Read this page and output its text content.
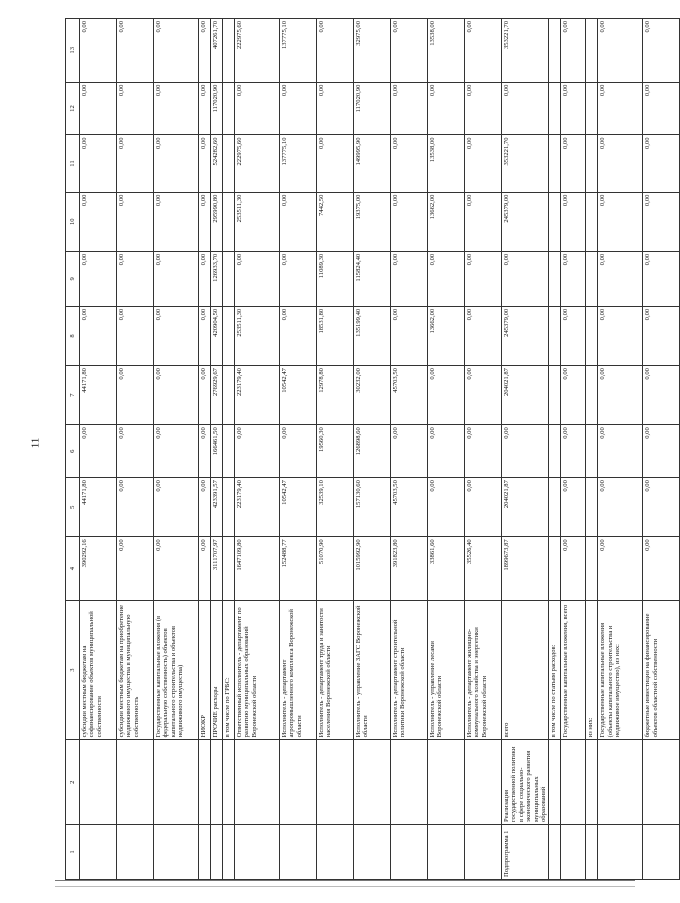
11
1	2	3	4	5	6	7	8	9	10	11	12	13
		субсидии местным бюджетам на софинансирование объектов муниципальной собственности	390292,16	44171,80	0,00	44171,80	0,00	0,00	0,00	0,00	0,00	0,00
		субсидии местным бюджетам на приобретение недвижимого имущества в муниципальную собственность	0,00	0,00	0,00	0,00	0,00	0,00	0,00	0,00	0,00	0,00
		Государственные капитальные вложения (в федеральную собственность) объектов капитального строительства и объектов недвижимого имущества)	0,00	0,00	0,00	0,00	0,00	0,00	0,00	0,00	0,00	0,00
		НИОКР	0,00	0,00	0,00	0,00	0,00	0,00	0,00	0,00	0,00	0,00
		ПРОЧИЕ расходы	3111707,97	423391,57	166461,50	276929,67	420904,50	126933,70	295990,80	524282,60	117020,90	407261,70
		в том числе по ГРБС:										
		Ответственный исполнитель - департамент по развитию муниципальных образований Воронежской области	1647109,80	223179,40	0,00	223179,40	253511,30	0,00	253511,30	222975,60	0,00	222975,60
		Исполнитель - департамент агропромышленного комплекса Воронежской области	152488,77	10542,47	0,00	10542,47	0,00	0,00	0,00	137775,10	0,00	137775,10
		Исполнитель - департамент труда и занятости населения Воронежской области	51070,90	32539,10	19560,30	12978,80	18531,80	11089,30	7442,50	0,00	0,00	0,00
		Исполнитель - управление ЗАГС Воронежской области	1015992,90	157130,60	126898,60	30232,00	135199,40	115824,40	19375,00	149995,90	117020,90	32975,00
		Исполнитель - департамент строительной политики Воронежской области	391823,80	45703,50	0,00	45703,50	0,00	0,00	0,00	0,00	0,00	0,00
		Исполнитель - управление лесами Воронежской области	33861,60	0,00	0,00	0,00	13662,00	0,00	13662,00	13538,00	0,00	13538,00
		Исполнитель - департамент жилищно-коммунального хозяйства и энергетики Воронежской области	35526,40	0,00	0,00	0,00	0,00	0,00	0,00	0,00	0,00	0,00
Подпрограмма 1	Реализация государственной политики в сфере социально-экономического развития муниципальных образований	всего	1899673,87	204021,87	0,00	204021,87	245379,00	0,00	245379,00	353221,70	0,00	353221,70
		в том числе по статьям расходов:										
		Государственные капитальные вложения, всего	0,00	0,00	0,00	0,00	0,00	0,00	0,00	0,00	0,00	0,00
		из них:										
		Государственные капитальные вложения (объекты капитального строительства и недвижимое имущество), из них:	0,00	0,00	0,00	0,00	0,00	0,00	0,00	0,00	0,00	0,00
		бюджетные инвестиции на финансирование объектов областной собственности	0,00	0,00	0,00	0,00	0,00	0,00	0,00	0,00	0,00	0,00
